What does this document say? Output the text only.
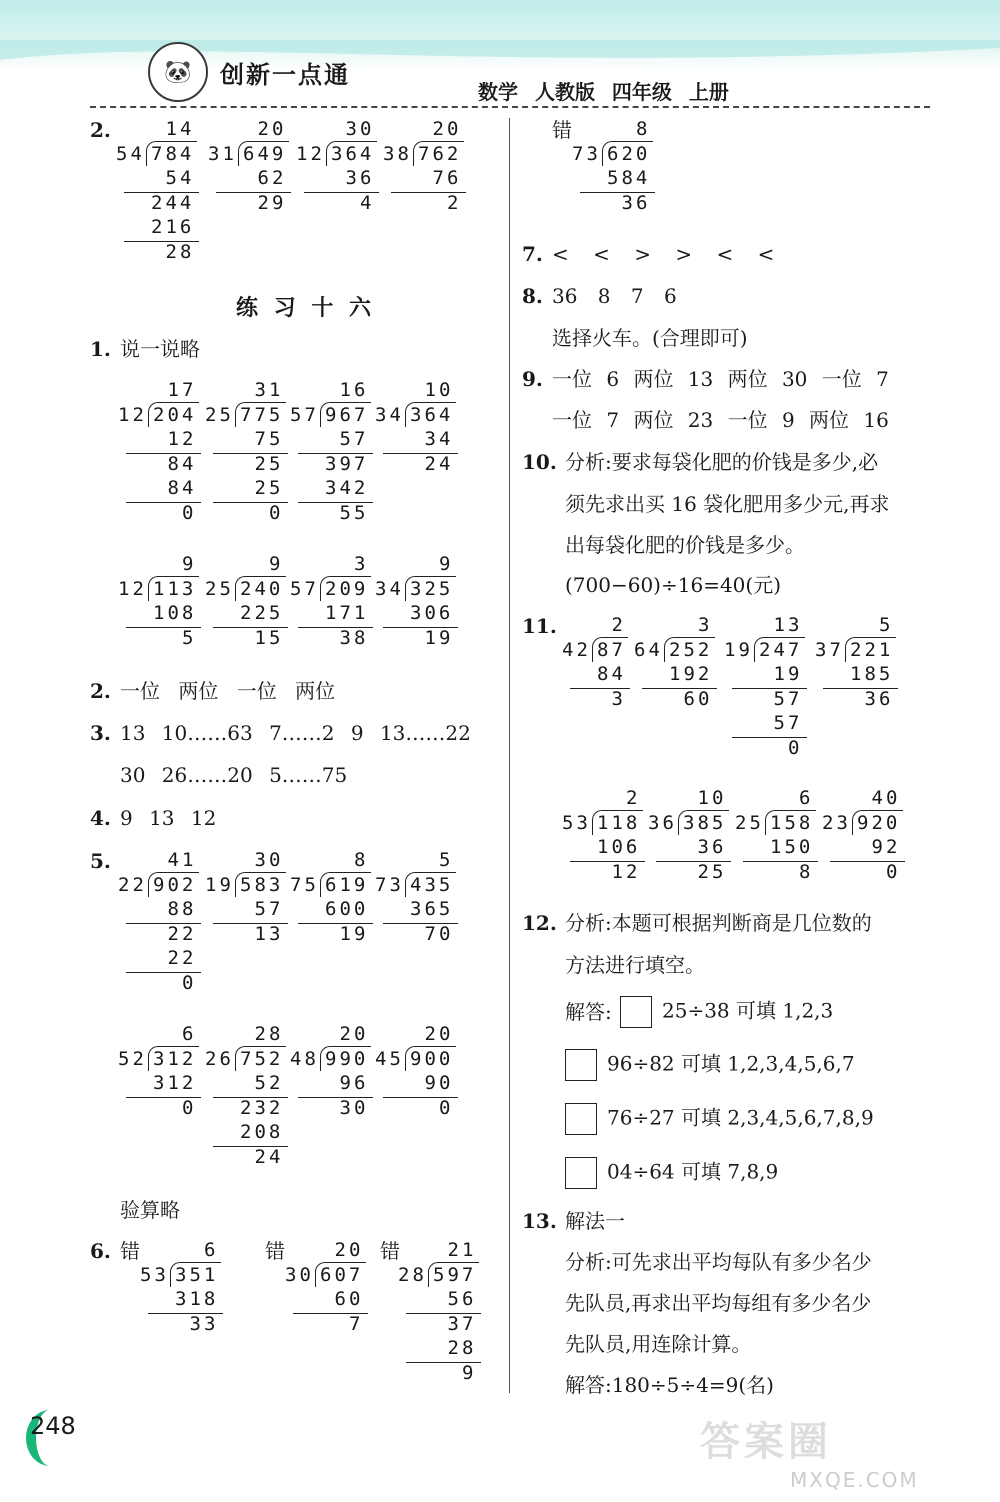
🐼	创新一点通
数学 人教版 四年级 上册
2.
练 习 十 六
1. 说一说略
2. 一位 两位 一位 两位
3. 13 10……63 7……2 9 13……22
30 26……20 5……75
4. 9 13 12
5.
验算略
6. 错	错	错
错
7. < < > > < <
8. 36 8 7 6
选择火车。(合理即可)
9. 一位 6 两位 13 两位 30 一位 7
一位 7 两位 23 一位 9 两位 16
10. 分析:要求每袋化肥的价钱是多少,必
须先求出买 16 袋化肥用多少元,再求
出每袋化肥的价钱是多少。
(700−60)÷16=40(元)
11.
12. 分析:本题可根据判断商是几位数的
方法进行填空。
解答:	25÷38 可填 1,2,3
96÷82 可填 1,2,3,4,5,6,7
76÷27 可填 2,3,4,5,6,7,8,9
04÷64 可填 7,8,9
13. 解法一
分析:可先求出平均每队有多少名少
先队员,再求出平均每组有多少名少
先队员,用连除计算。
解答:180÷5÷4=9(名)
248	答案圈
MXQE.COM
14
54 784
54
244
216
28
20
31 649
62
29
30
12 364
36
4
20
38 762
76
2
17
12 204
12
84
84
0
31
25 775
75
25
25
0
16
57 967
57
397
342
55
10
34 364
34
24
9
12 113
108
5
9
25 240
225
15
3
57 209
171
38
9
34 325
306
19
41
22 902
88
22
22
0
30
19 583
57
13
8
75 619
600
19
5
73 435
365
70
6
52 312
312
0
28
26 752
52
232
208
24
20
48 990
96
30
20
45 900
90
0
6
53 351
318
33
20
30 607
60
7
21
28 597
56
37
28
9
8
73 620
584
36
2
42 87
84
3
3
64 252
192
60
13
19 247
19
57
57
0
5
37 221
185
36
2
53 118
106
12
10
36 385
36
25
6
25 158
150
8
40
23 920
92
0
